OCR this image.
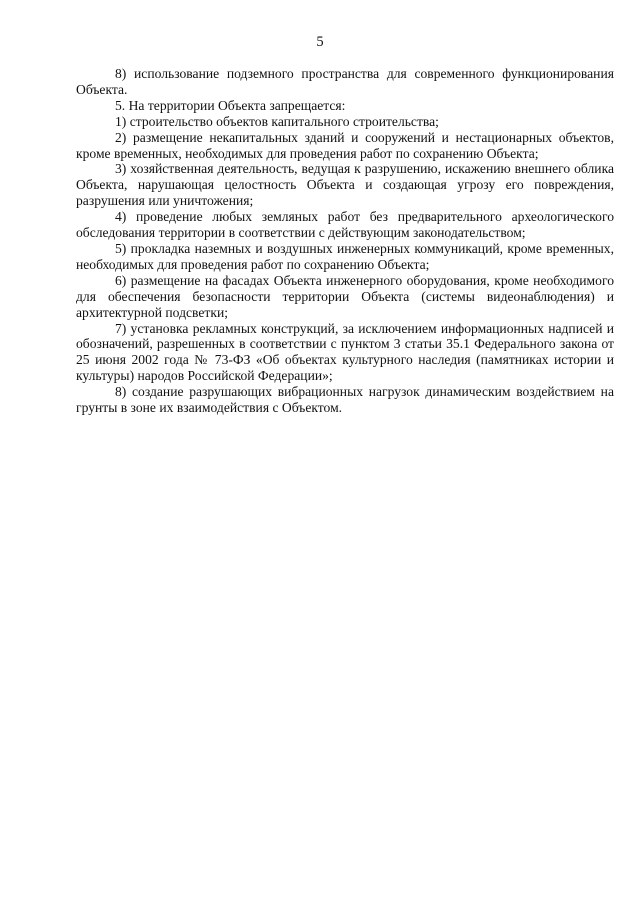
5

8) использование подземного пространства для современного функционирования Объекта.

5. На территории Объекта запрещается:

1) строительство объектов капитального строительства;

2) размещение некапитальных зданий и сооружений и нестационарных объектов, кроме временных, необходимых для проведения работ по сохранению Объекта;

3) хозяйственная деятельность, ведущая к разрушению, искажению внешнего облика Объекта, нарушающая целостность Объекта и создающая угрозу его повреждения, разрушения или уничтожения;

4) проведение любых земляных работ без предварительного археологического обследования территории в соответствии с действующим законодательством;

5) прокладка наземных и воздушных инженерных коммуникаций, кроме временных, необходимых для проведения работ по сохранению Объекта;

6) размещение на фасадах Объекта инженерного оборудования, кроме необходимого для обеспечения безопасности территории Объекта (системы видеонаблюдения) и архитектурной подсветки;

7) установка рекламных конструкций, за исключением информационных надписей и обозначений, разрешенных в соответствии с пунктом 3 статьи 35.1 Федерального закона от 25 июня 2002 года № 73-ФЗ «Об объектах культурного наследия (памятниках истории и культуры) народов Российской Федерации»;

8) создание разрушающих вибрационных нагрузок динамическим воздействием на грунты в зоне их взаимодействия с Объектом.
